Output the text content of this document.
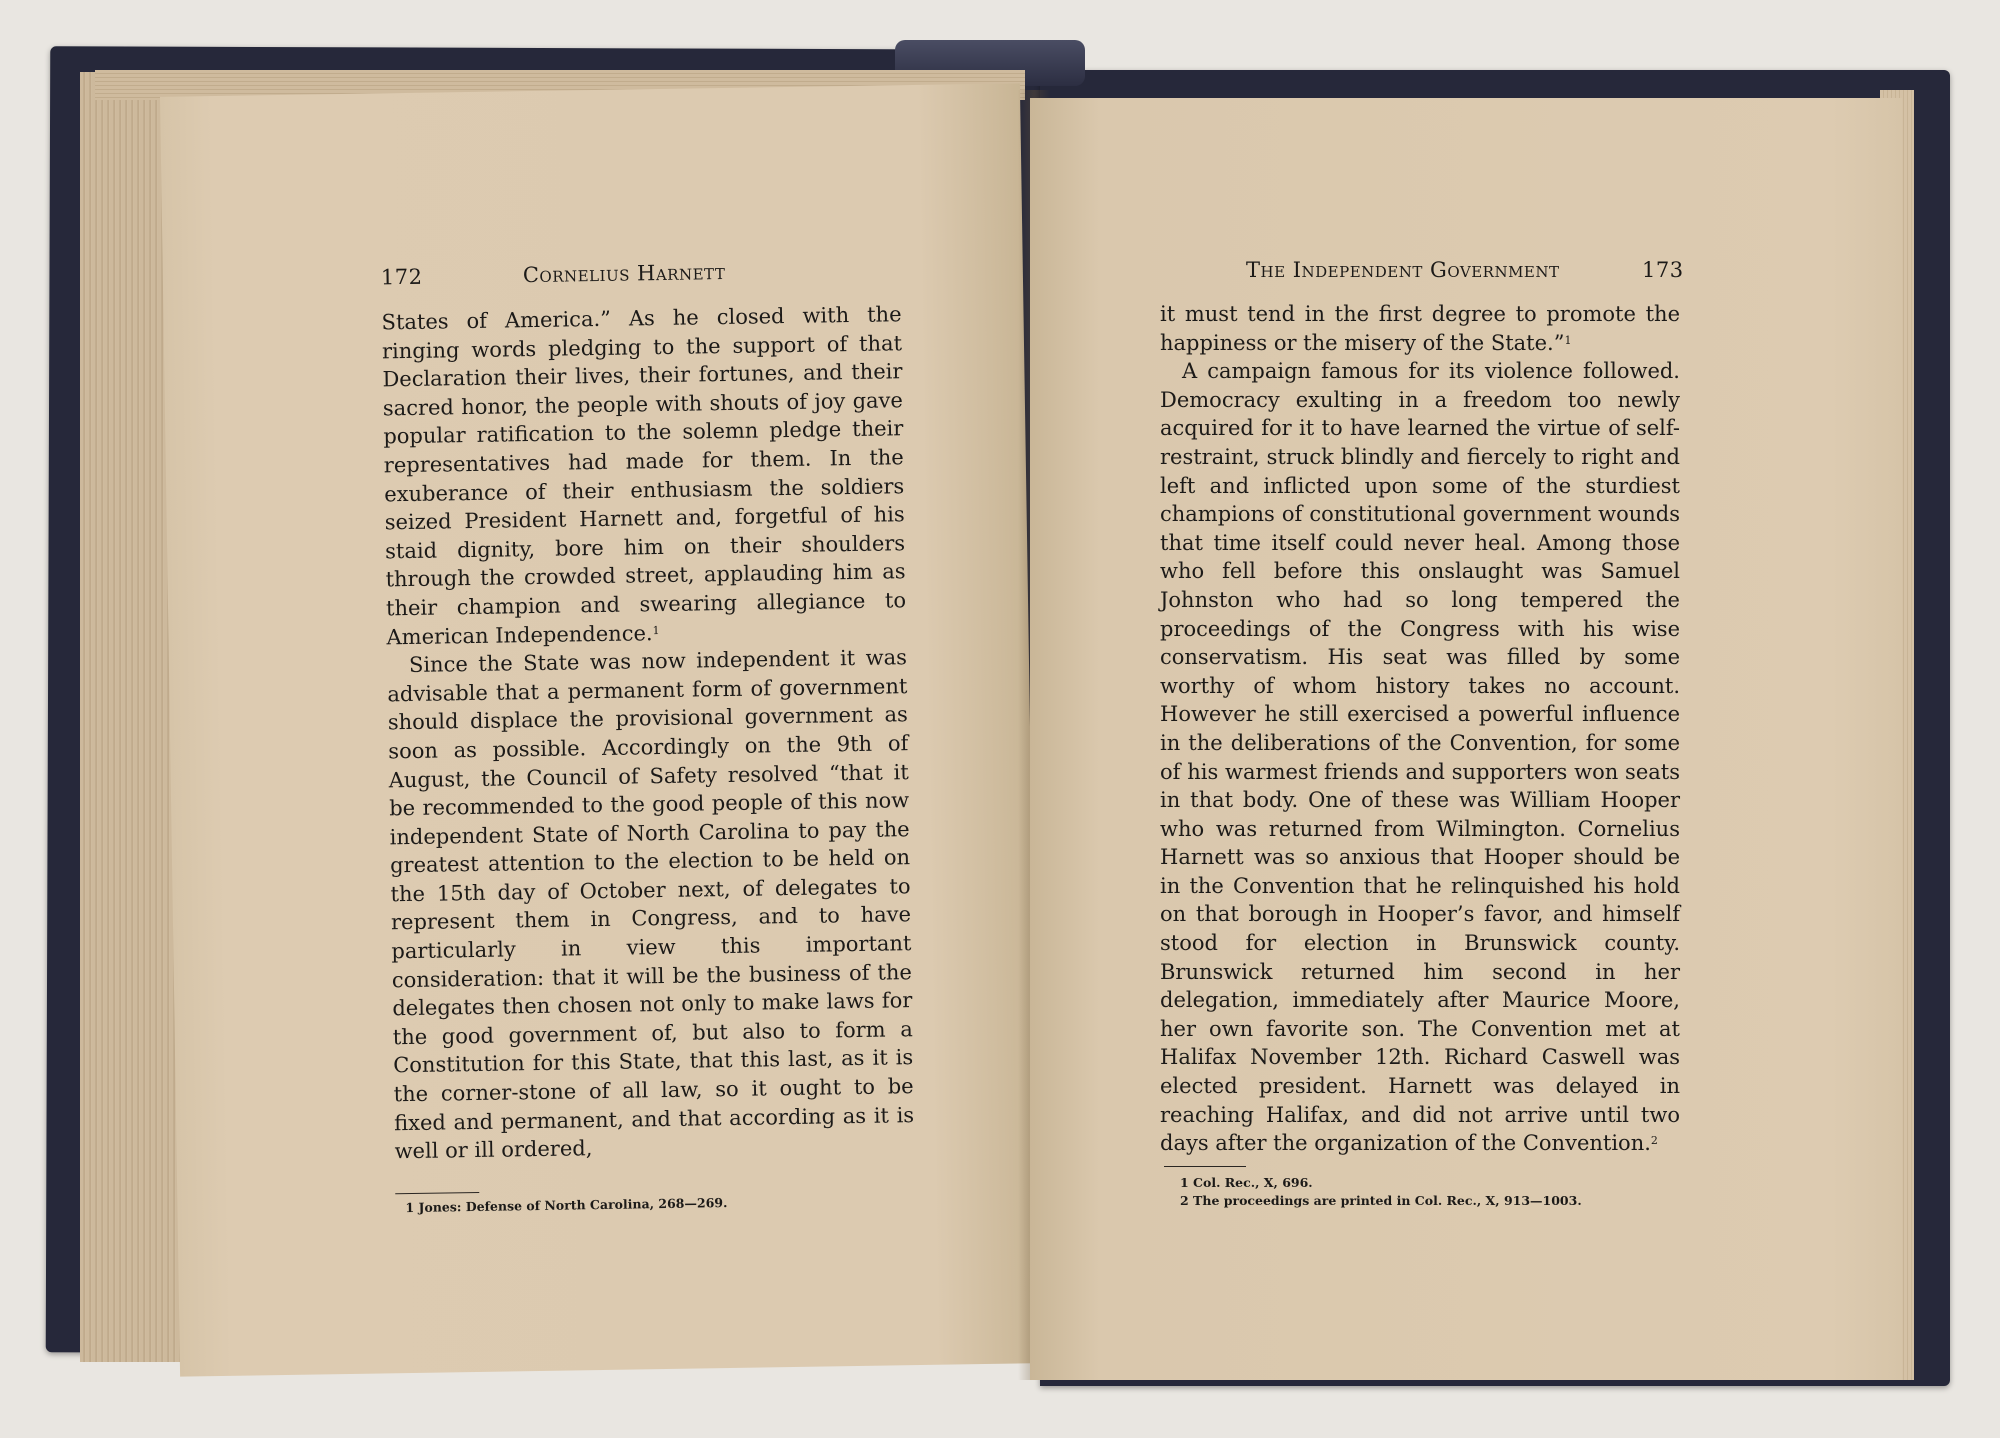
172	Cornelius Harnett

States of America.” As he closed with the ringing words pledging to the support of that Declaration their lives, their fortunes, and their sacred honor, the people with shouts of joy gave popular ratification to the solemn pledge their representatives had made for them. In the exuberance of their enthusiasm the soldiers seized President Harnett and, forgetful of his staid dignity, bore him on their shoulders through the crowded street, applauding him as their champion and swearing allegiance to American Independence.$^1$

Since the State was now independent it was advisable that a permanent form of government should displace the provisional government as soon as possible. Accordingly on the 9th of August, the Council of Safety resolved “that it be recommended to the good people of this now independent State of North Carolina to pay the greatest attention to the election to be held on the 15th day of October next, of delegates to represent them in Congress, and to have particularly in view this important consideration: that it will be the business of the delegates then chosen not only to make laws for the good government of, but also to form a Constitution for this State, that this last, as it is the corner-stone of all law, so it ought to be fixed and permanent, and that according as it is well or ill ordered,

1 Jones: Defense of North Carolina, 268—269.
The Independent Government	173

it must tend in the first degree to promote the happiness or the misery of the State.”$^1$

A campaign famous for its violence followed. Democracy exulting in a freedom too newly acquired for it to have learned the virtue of self-restraint, struck blindly and fiercely to right and left and inflicted upon some of the sturdiest champions of constitutional government wounds that time itself could never heal. Among those who fell before this onslaught was Samuel Johnston who had so long tempered the proceedings of the Congress with his wise conservatism. His seat was filled by some worthy of whom history takes no account. However he still exercised a powerful influence in the deliberations of the Convention, for some of his warmest friends and supporters won seats in that body. One of these was William Hooper who was returned from Wilmington. Cornelius Harnett was so anxious that Hooper should be in the Convention that he relinquished his hold on that borough in Hooper’s favor, and himself stood for election in Brunswick county. Brunswick returned him second in her delegation, immediately after Maurice Moore, her own favorite son. The Convention met at Halifax November 12th. Richard Caswell was elected president. Harnett was delayed in reaching Halifax, and did not arrive until two days after the organization of the Convention.$^2$

1 Col. Rec., X, 696.
2 The proceedings are printed in Col. Rec., X, 913—1003.
